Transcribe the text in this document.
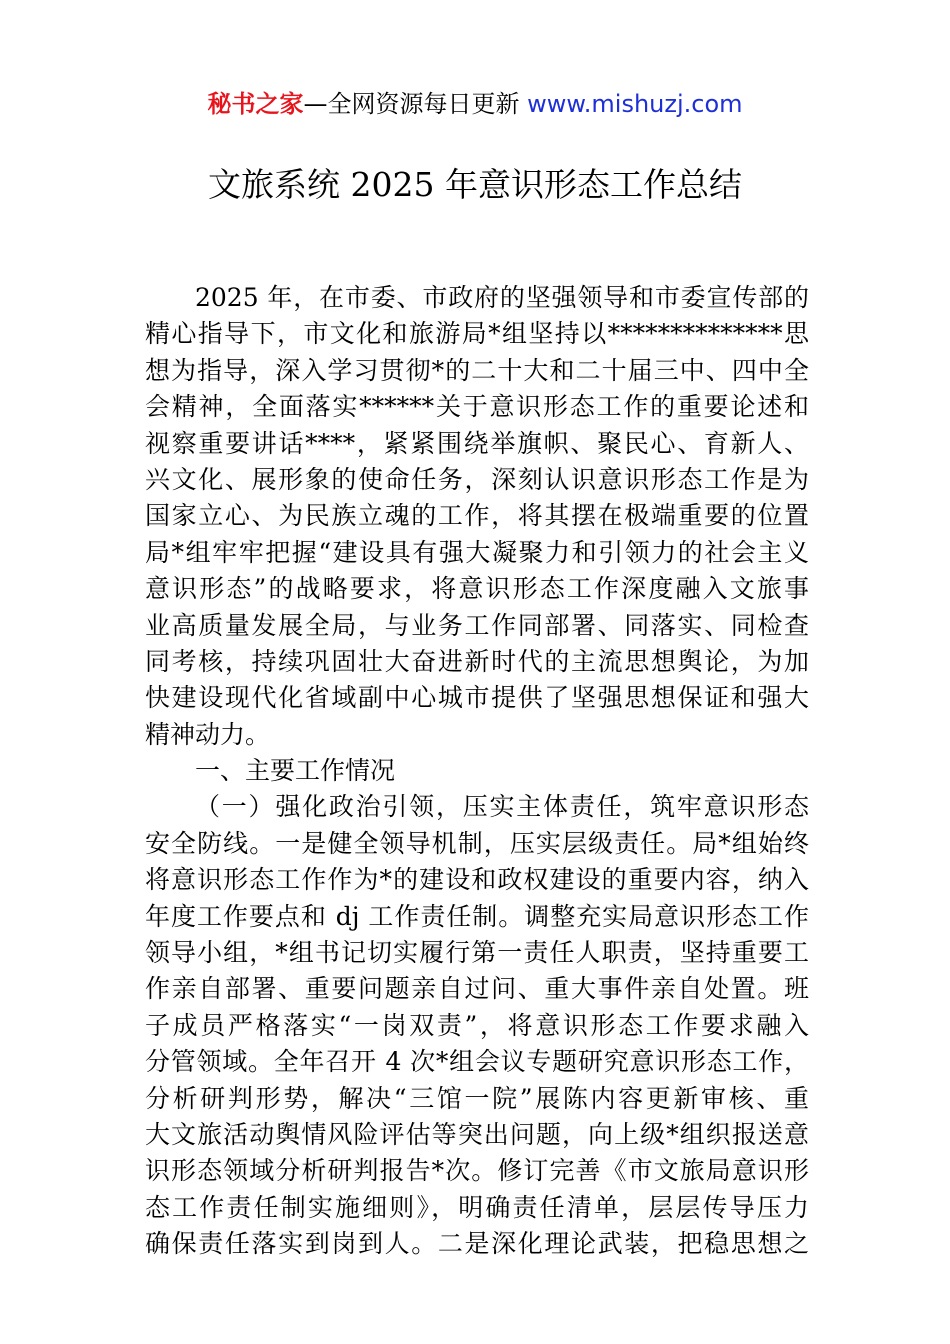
秘书之家—全网资源每日更新 www.mishuzj.com
文旅系统 2025 年意识形态工作总结
2025 年，在市委、市政府的坚强领导和市委宣传部的
精心指导下，市文化和旅游局*组坚持以**************思
想为指导，深入学习贯彻*的二十大和二十届三中、四中全
会精神，全面落实******关于意识形态工作的重要论述和
视察重要讲话****，紧紧围绕举旗帜、聚民心、育新人、
兴文化、展形象的使命任务，深刻认识意识形态工作是为
国家立心、为民族立魂的工作，将其摆在极端重要的位置
局*组牢牢把握“建设具有强大凝聚力和引领力的社会主义
意识形态”的战略要求，将意识形态工作深度融入文旅事
业高质量发展全局，与业务工作同部署、同落实、同检查
同考核，持续巩固壮大奋进新时代的主流思想舆论，为加
快建设现代化省域副中心城市提供了坚强思想保证和强大
精神动力。
一、主要工作情况
（一）强化政治引领，压实主体责任，筑牢意识形态
安全防线。一是健全领导机制，压实层级责任。局*组始终
将意识形态工作作为*的建设和政权建设的重要内容，纳入
年度工作要点和 dj 工作责任制。调整充实局意识形态工作
领导小组，*组书记切实履行第一责任人职责，坚持重要工
作亲自部署、重要问题亲自过问、重大事件亲自处置。班
子成员严格落实“一岗双责”，将意识形态工作要求融入
分管领域。全年召开 4 次*组会议专题研究意识形态工作，
分析研判形势，解决“三馆一院”展陈内容更新审核、重
大文旅活动舆情风险评估等突出问题，向上级*组织报送意
识形态领域分析研判报告*次。修订完善《市文旅局意识形
态工作责任制实施细则》，明确责任清单，层层传导压力
确保责任落实到岗到人。二是深化理论武装，把稳思想之
